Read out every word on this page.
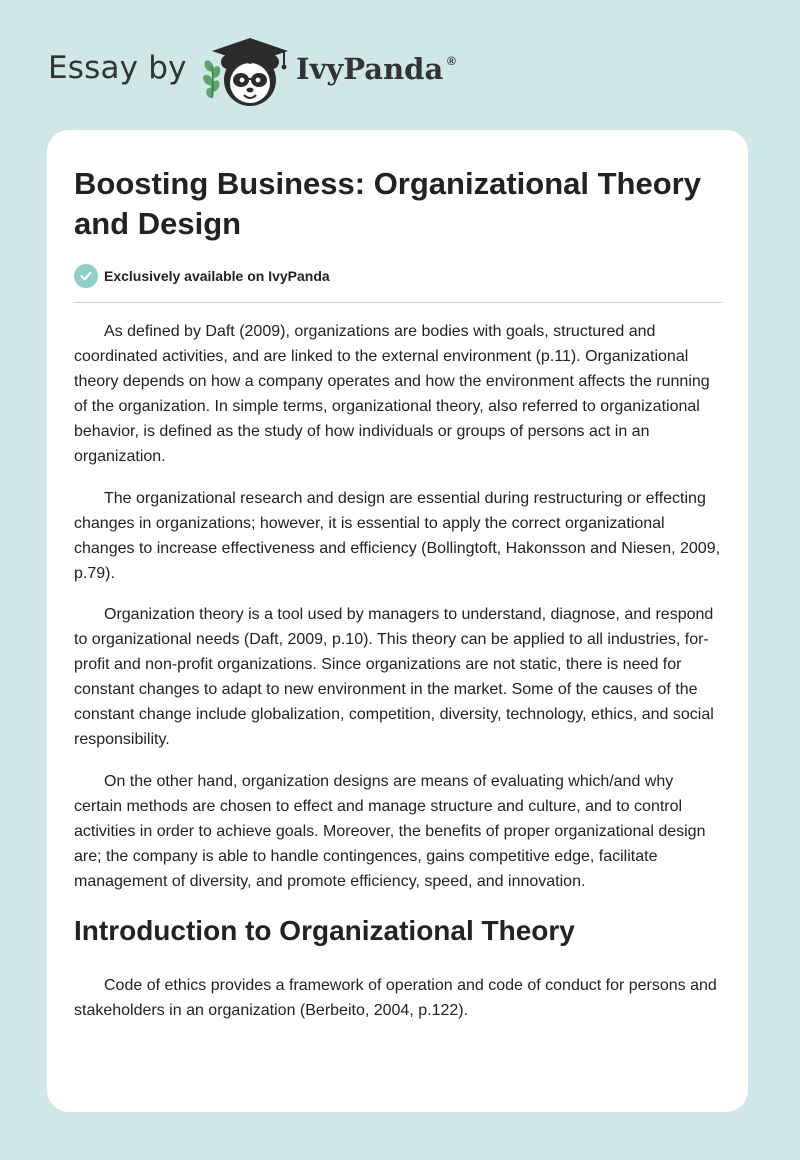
Essay by	IvyPanda ®
Boosting Business: Organizational Theory and Design
Exclusively available on IvyPanda

As defined by Daft (2009), organizations are bodies with goals, structured and coordinated activities, and are linked to the external environment (p.11). Organizational theory depends on how a company operates and how the environment affects the running of the organization. In simple terms, organizational theory, also referred to organizational behavior, is defined as the study of how individuals or groups of persons act in an organization.

The organizational research and design are essential during restructuring or effecting changes in organizations; however, it is essential to apply the correct organizational changes to increase effectiveness and efficiency (Bollingtoft, Hakonsson and Niesen, 2009, p.79).

Organization theory is a tool used by managers to understand, diagnose, and respond to organizational needs (Daft, 2009, p.10). This theory can be applied to all industries, for-profit and non-profit organizations. Since organizations are not static, there is need for constant changes to adapt to new environment in the market. Some of the causes of the constant change include globalization, competition, diversity, technology, ethics, and social responsibility.

On the other hand, organization designs are means of evaluating which/and why certain methods are chosen to effect and manage structure and culture, and to control activities in order to achieve goals. Moreover, the benefits of proper organizational design are; the company is able to handle contingences, gains competitive edge, facilitate management of diversity, and promote efficiency, speed, and innovation.

Introduction to Organizational Theory

Code of ethics provides a framework of operation and code of conduct for persons and stakeholders in an organization (Berbeito, 2004, p.122).
